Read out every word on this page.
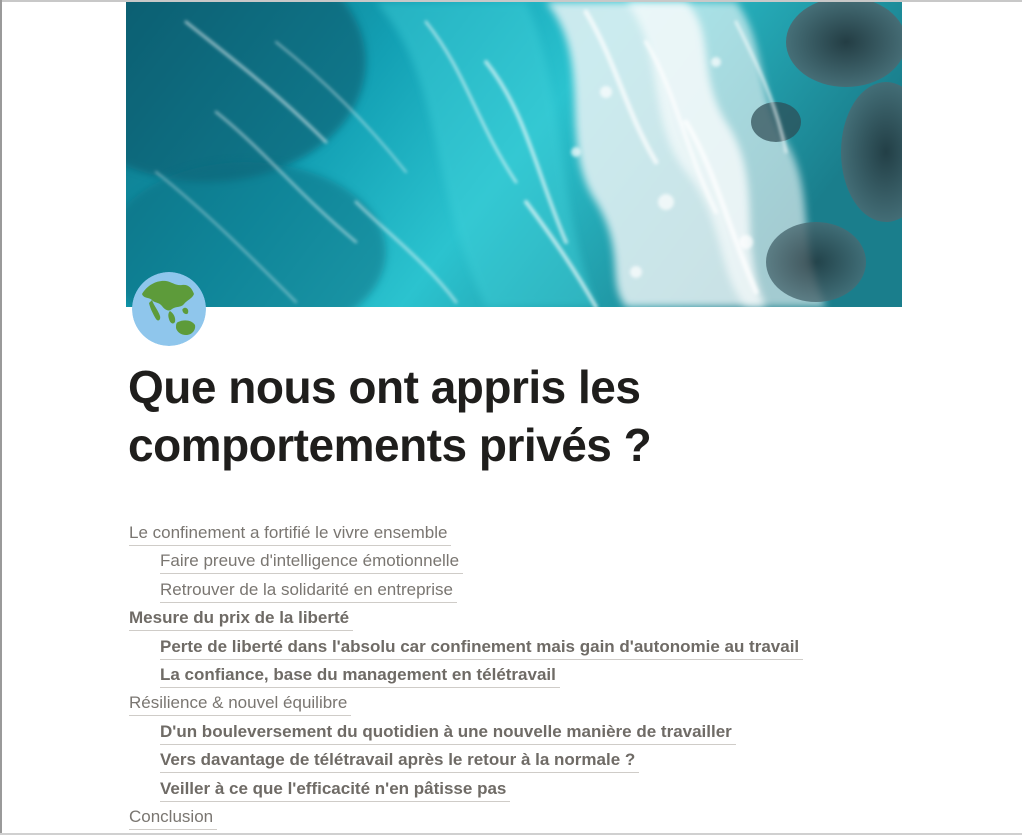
Que nous ont appris les comportements privés ?
Le confinement a fortifié le vivre ensemble
Faire preuve d'intelligence émotionnelle
Retrouver de la solidarité en entreprise
Mesure du prix de la liberté
Perte de liberté dans l'absolu car confinement mais gain d'autonomie au travail
La confiance, base du management en télétravail
Résilience & nouvel équilibre
D'un bouleversement du quotidien à une nouvelle manière de travailler
Vers davantage de télétravail après le retour à la normale ?
Veiller à ce que l'efficacité n'en pâtisse pas
Conclusion
